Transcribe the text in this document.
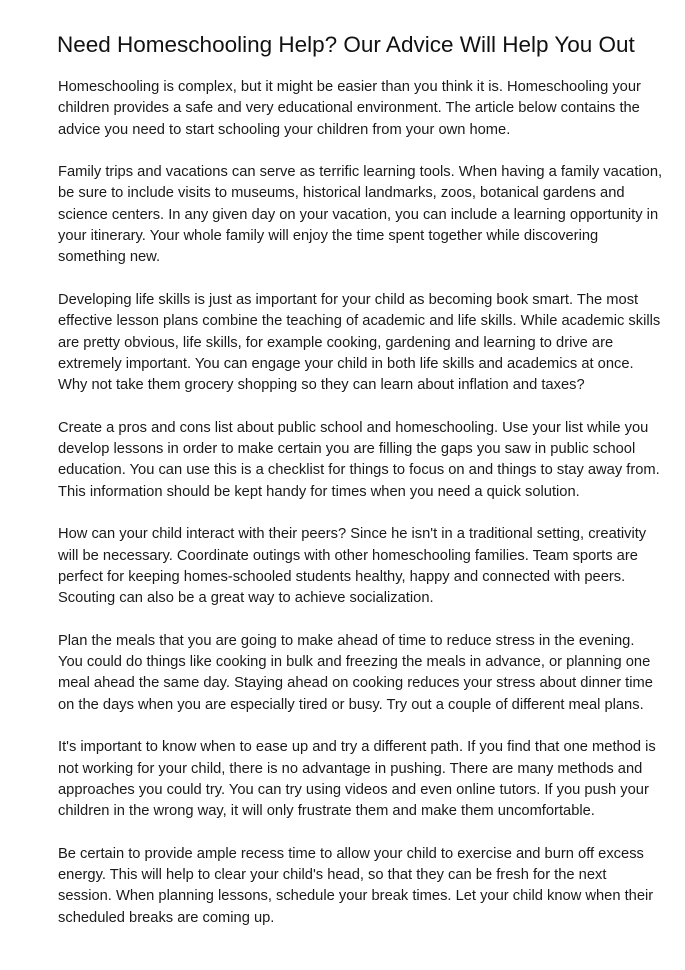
Need Homeschooling Help? Our Advice Will Help You Out

Homeschooling is complex, but it might be easier than you think it is. Homeschooling your
children provides a safe and very educational environment. The article below contains the
advice you need to start schooling your children from your own home.

Family trips and vacations can serve as terrific learning tools. When having a family vacation,
be sure to include visits to museums, historical landmarks, zoos, botanical gardens and
science centers. In any given day on your vacation, you can include a learning opportunity in
your itinerary. Your whole family will enjoy the time spent together while discovering
something new.

Developing life skills is just as important for your child as becoming book smart. The most
effective lesson plans combine the teaching of academic and life skills. While academic skills
are pretty obvious, life skills, for example cooking, gardening and learning to drive are
extremely important. You can engage your child in both life skills and academics at once.
Why not take them grocery shopping so they can learn about inflation and taxes?

Create a pros and cons list about public school and homeschooling. Use your list while you
develop lessons in order to make certain you are filling the gaps you saw in public school
education. You can use this is a checklist for things to focus on and things to stay away from.
This information should be kept handy for times when you need a quick solution.

How can your child interact with their peers? Since he isn't in a traditional setting, creativity
will be necessary. Coordinate outings with other homeschooling families. Team sports are
perfect for keeping homes-schooled students healthy, happy and connected with peers.
Scouting can also be a great way to achieve socialization.

Plan the meals that you are going to make ahead of time to reduce stress in the evening.
You could do things like cooking in bulk and freezing the meals in advance, or planning one
meal ahead the same day. Staying ahead on cooking reduces your stress about dinner time
on the days when you are especially tired or busy. Try out a couple of different meal plans.

It's important to know when to ease up and try a different path. If you find that one method is
not working for your child, there is no advantage in pushing. There are many methods and
approaches you could try. You can try using videos and even online tutors. If you push your
children in the wrong way, it will only frustrate them and make them uncomfortable.

Be certain to provide ample recess time to allow your child to exercise and burn off excess
energy. This will help to clear your child's head, so that they can be fresh for the next
session. When planning lessons, schedule your break times. Let your child know when their
scheduled breaks are coming up.
